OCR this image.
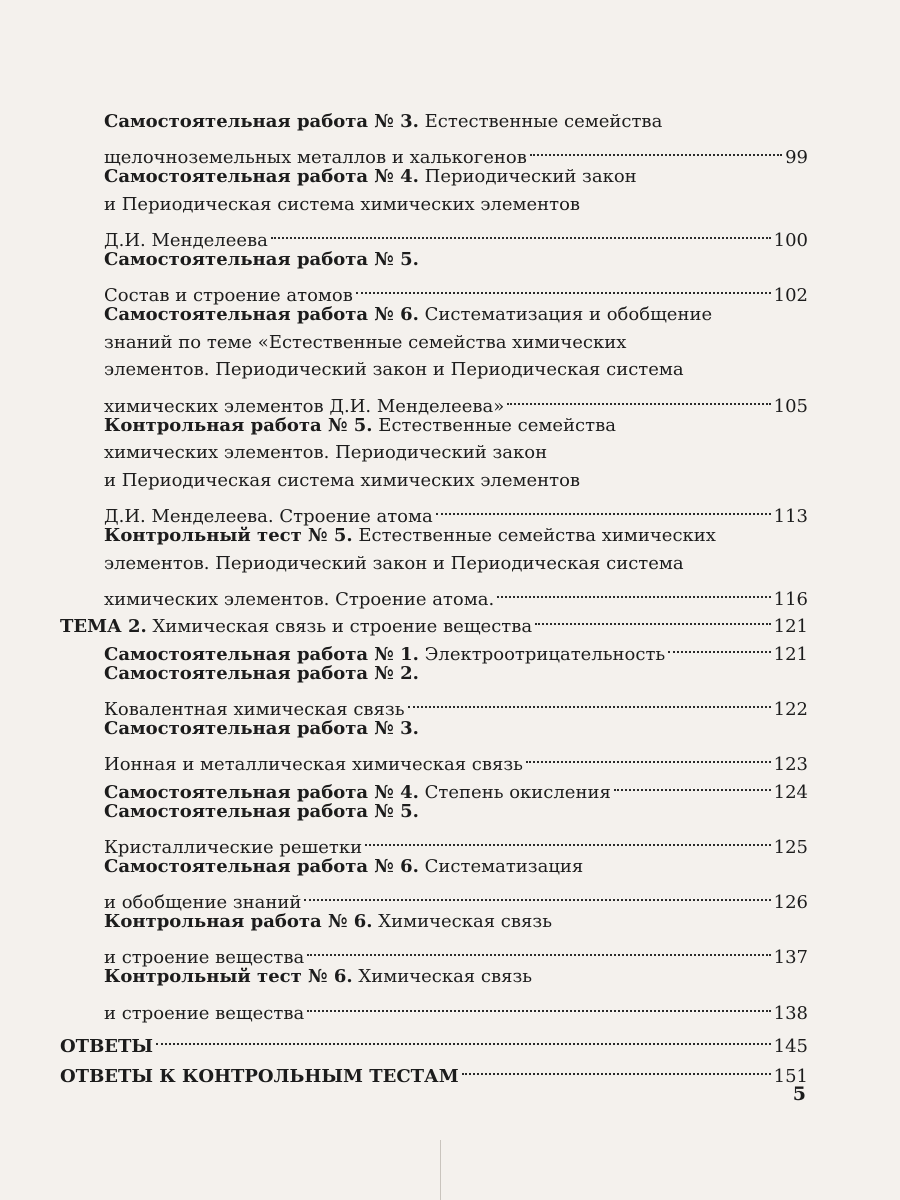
Самостоятельная работа № 3. Естественные семейства
щелочноземельных металлов и халькогенов	99
Самостоятельная работа № 4. Периодический закон
и Периодическая система химических элементов
Д.И. Менделеева	100
Самостоятельная работа № 5.
Состав и строение атомов	102
Самостоятельная работа № 6. Систематизация и обобщение
знаний по теме «Естественные семейства химических
элементов. Периодический закон и Периодическая система
химических элементов Д.И. Менделеева»	105
Контрольная работа № 5. Естественные семейства
химических элементов. Периодический закон
и Периодическая система химических элементов
Д.И. Менделеева. Строение атома	113
Контрольный тест № 5. Естественные семейства химических
элементов. Периодический закон и Периодическая система
химических элементов. Строение атома.	116
ТЕМА 2. Химическая связь и строение вещества	121
Самостоятельная работа № 1. Электроотрицательность	121
Самостоятельная работа № 2.
Ковалентная химическая связь	122
Самостоятельная работа № 3.
Ионная и металлическая химическая связь	123
Самостоятельная работа № 4. Степень окисления	124
Самостоятельная работа № 5.
Кристаллические решетки	125
Самостоятельная работа № 6. Систематизация
и обобщение знаний	126
Контрольная работа № 6. Химическая связь
и строение вещества	137
Контрольный тест № 6. Химическая связь
и строение вещества	138
ОТВЕТЫ	145
ОТВЕТЫ К КОНТРОЛЬНЫМ ТЕСТАМ	151
5
